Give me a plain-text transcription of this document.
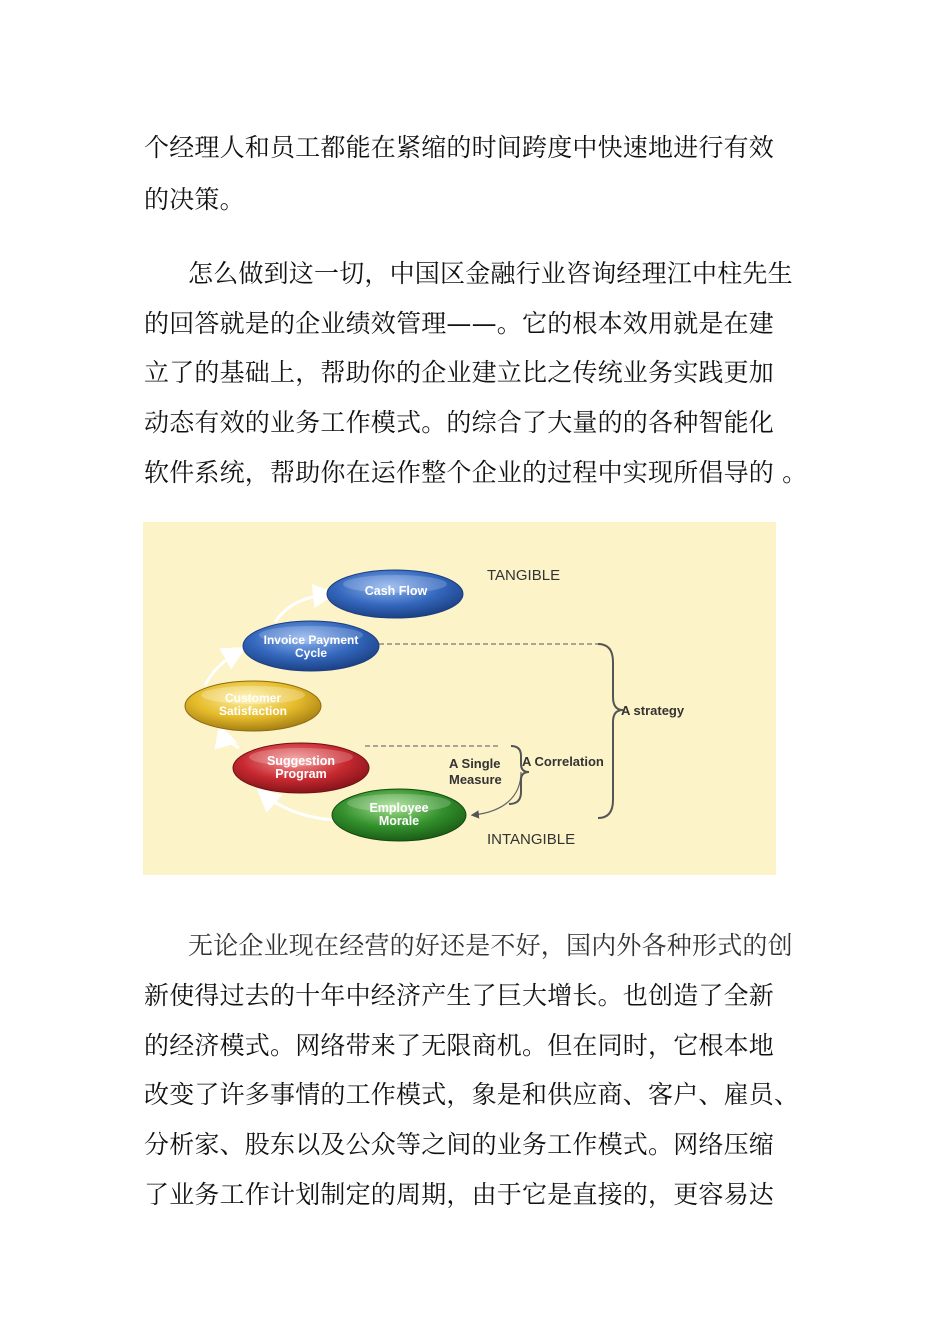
个经理人和员工都能在紧缩的时间跨度中快速地进行有效
的决策。
怎么做到这一切，中国区金融行业咨询经理江中柱先生
的回答就是的企业绩效管理——。它的根本效用就是在建
立了的基础上，帮助你的企业建立比之传统业务实践更加
动态有效的业务工作模式。的综合了大量的的各种智能化
软件系统，帮助你在运作整个企业的过程中实现所倡导的 。
Cash Flow
Invoice Payment
Cycle
Customer
Satisfaction
Suggestion
Program
Employee
Morale
TANGIBLE
INTANGIBLE
A strategy
A Correlation
A Single
Measure
无论企业现在经营的好还是不好，国内外各种形式的创
新使得过去的十年中经济产生了巨大增长。也创造了全新
的经济模式。网络带来了无限商机。但在同时，它根本地
改变了许多事情的工作模式，象是和供应商、客户、雇员、
分析家、股东以及公众等之间的业务工作模式。网络压缩
了业务工作计划制定的周期，由于它是直接的，更容易达
